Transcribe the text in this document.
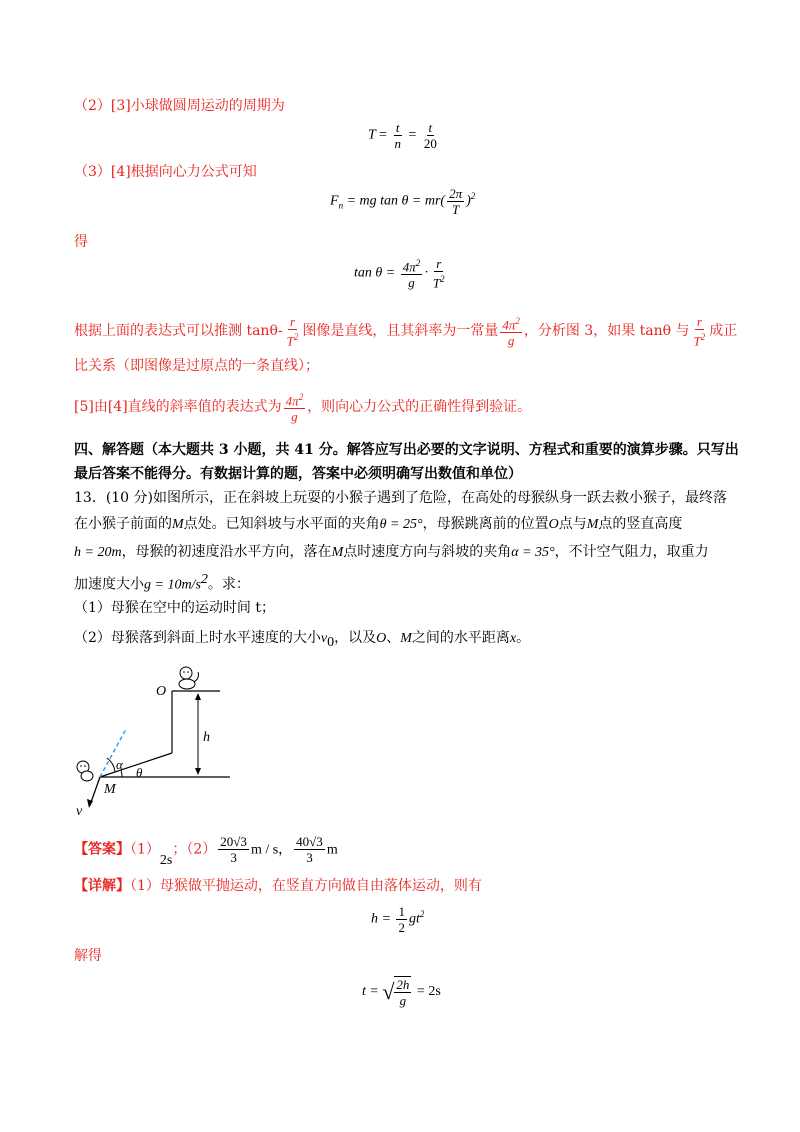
（2）[3]小球做圆周运动的周期为
$T = \frac{t}{n} = \frac{t}{20}$
（3）[4]根据向心力公式可知
$F_n$ = mg $\tan \theta = mr( \frac{2\pi}{T} )^2$
得
$\tan \theta = \frac{4\pi^2}{g} \cdot \frac{r}{T^2}$
根据上面的表达式可以推测 $\tan\theta- \frac{r}{T^2}$ 图像是直线，且其斜率为一常量 $\frac{4\pi^2}{g}$ ，分析图 3，如果 tanθ 与 $\frac{r}{T^2}$ 成正
比关系（即图像是过原点的一条直线）；
[5]由[4]直线的斜率值的表达式为 $\frac{4\pi^2}{g}$ ，则向心力公式的正确性得到验证。
四、解答题（本大题共 3 小题，共 41 分。解答应写出必要的文字说明、方程式和重要的演算步骤。只写出
最后答案不能得分。有数据计算的题，答案中必须明确写出数值和单位）
13．(10 分)如图所示，正在斜坡上玩耍的小猴子遇到了危险，在高处的母猴纵身一跃去救小猴子，最终落
在小猴子前面的M点处。已知斜坡与水平面的夹角θ = 25°，母猴跳离前的位置O点与M点的竖直高度
h = 20m，母猴的初速度沿水平方向，落在M点时速度方向与斜坡的夹角α = 35°，不计空气阻力，取重力
加速度大小$g = 10m/s^2$。求：
（1）母猴在空中的运动时间 t；
（2）母猴落到斜面上时水平速度的大小$v_0$，以及O、M之间的水平距离x。
O
h
α
θ
M
v
【答案】（1）2s；$(2) \frac{20√3}{3}$ m / s， $\frac{40√3}{3}$ m
【详解】（1）母猴做平抛运动，在竖直方向做自由落体运动，则有
$h = \frac{1}{2} gt^2$
解得
t = √ $\frac{2h}{g} = 2s$
